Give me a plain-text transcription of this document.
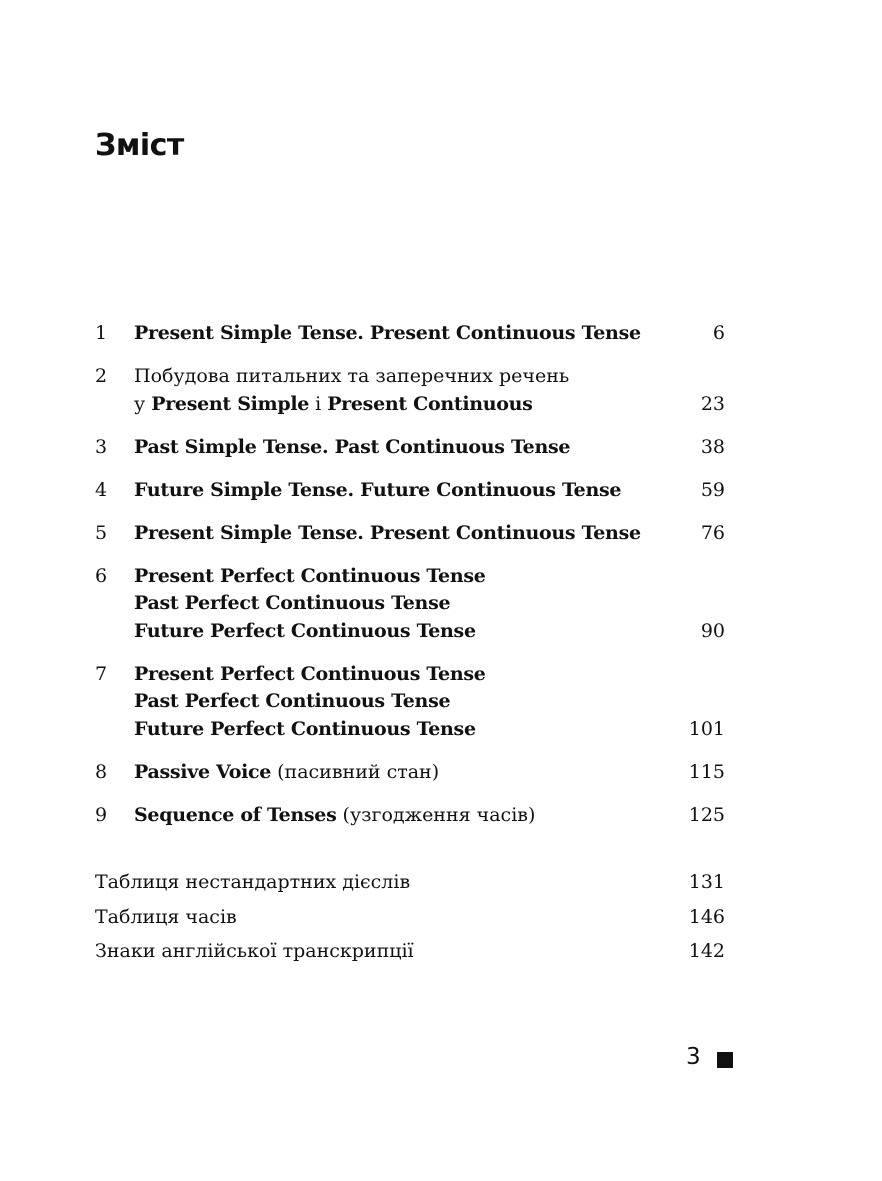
Зміст
1	Present Simple Tense. Present Continuous Tense	6
2	Побудова питальних та заперечних речень
у Present Simple і Present Continuous	23
3	Past Simple Tense. Past Continuous Tense	38
4	Future Simple Tense. Future Continuous Tense	59
5	Present Simple Tense. Present Continuous Tense	76
6	Present Perfect Continuous Tense
Past Perfect Continuous Tense
Future Perfect Continuous Tense	90
7	Present Perfect Continuous Tense
Past Perfect Continuous Tense
Future Perfect Continuous Tense	101
8	Passive Voice (пасивний стан)	115
9	Sequence of Tenses (узгодження часів)	125
Таблиця нестандартних дієслів	131
Таблиця часів	146
Знаки англійської транскрипції	142
3
